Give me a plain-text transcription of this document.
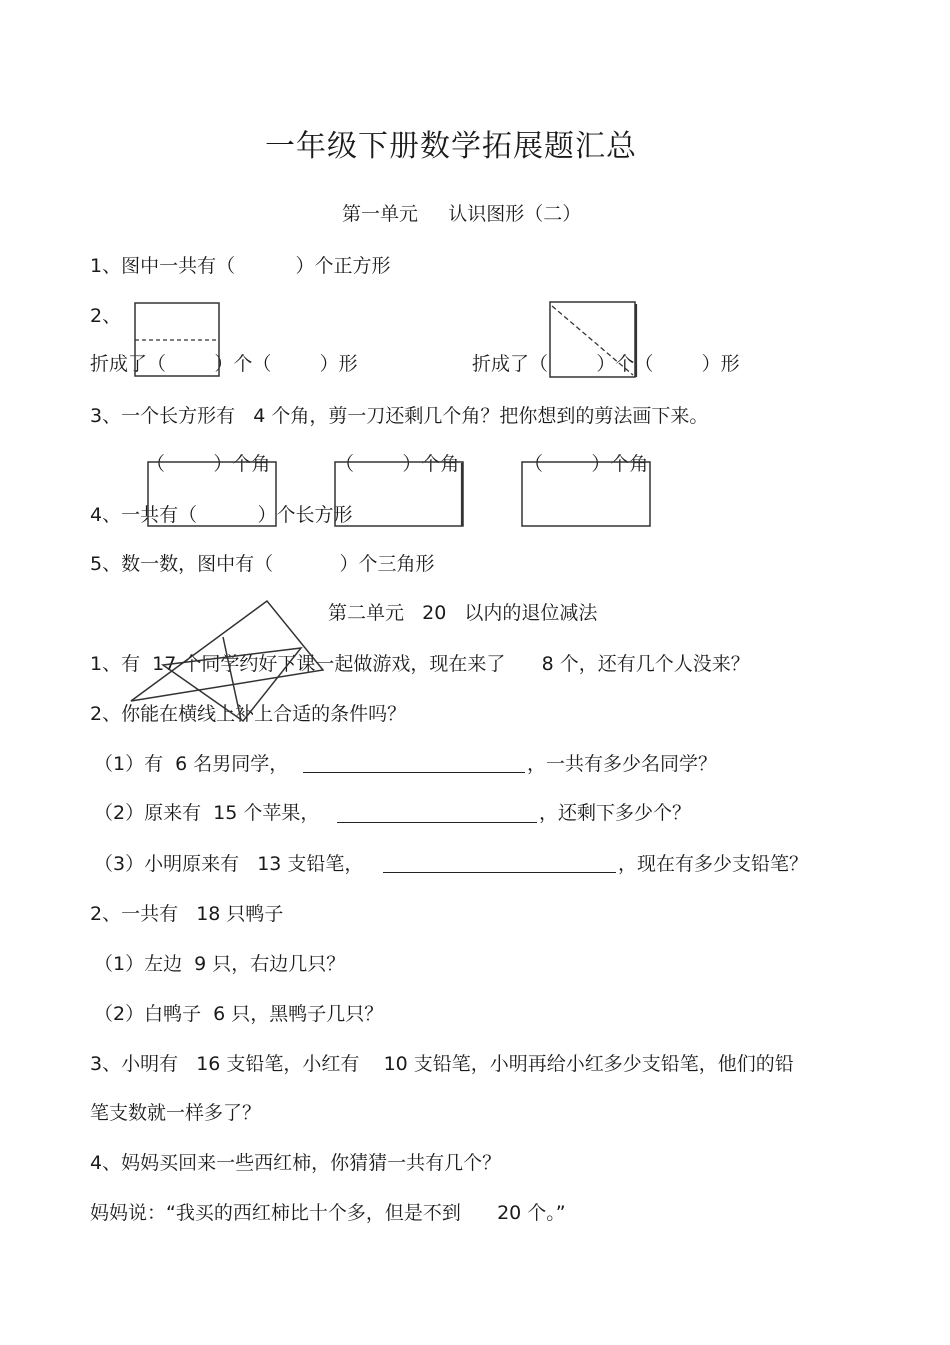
一年级下册数学拓展题汇总
第一单元     认识图形（二）
1、图中一共有（          ）个正方形
2、
折成了（        ）个（        ）形	折成了（        ）个（        ）形
3、一个长方形有   4 个角，剪一刀还剩几个角？把你想到的剪法画下来。
（        ）个角	（        ）个角	（        ）个角
4、一共有（          ）个长方形
5、数一数，图中有（           ）个三角形
第二单元   20   以内的退位减法
1、有  17 个同学约好下课一起做游戏，现在来了      8 个，还有几个人没来？
2、你能在横线上补上合适的条件吗？
（1）有  6 名男同学，	，一共有多少名同学？
（2）原来有  15 个苹果，	，还剩下多少个？
（3）小明原来有   13 支铅笔，	，现在有多少支铅笔？
2、一共有   18 只鸭子
（1）左边  9 只，右边几只？
（2）白鸭子  6 只，黑鸭子几只？
3、小明有   16 支铅笔，小红有    10 支铅笔，小明再给小红多少支铅笔，他们的铅
笔支数就一样多了？
4、妈妈买回来一些西红柿，你猜猜一共有几个？
妈妈说：“我买的西红柿比十个多，但是不到      20 个。”
